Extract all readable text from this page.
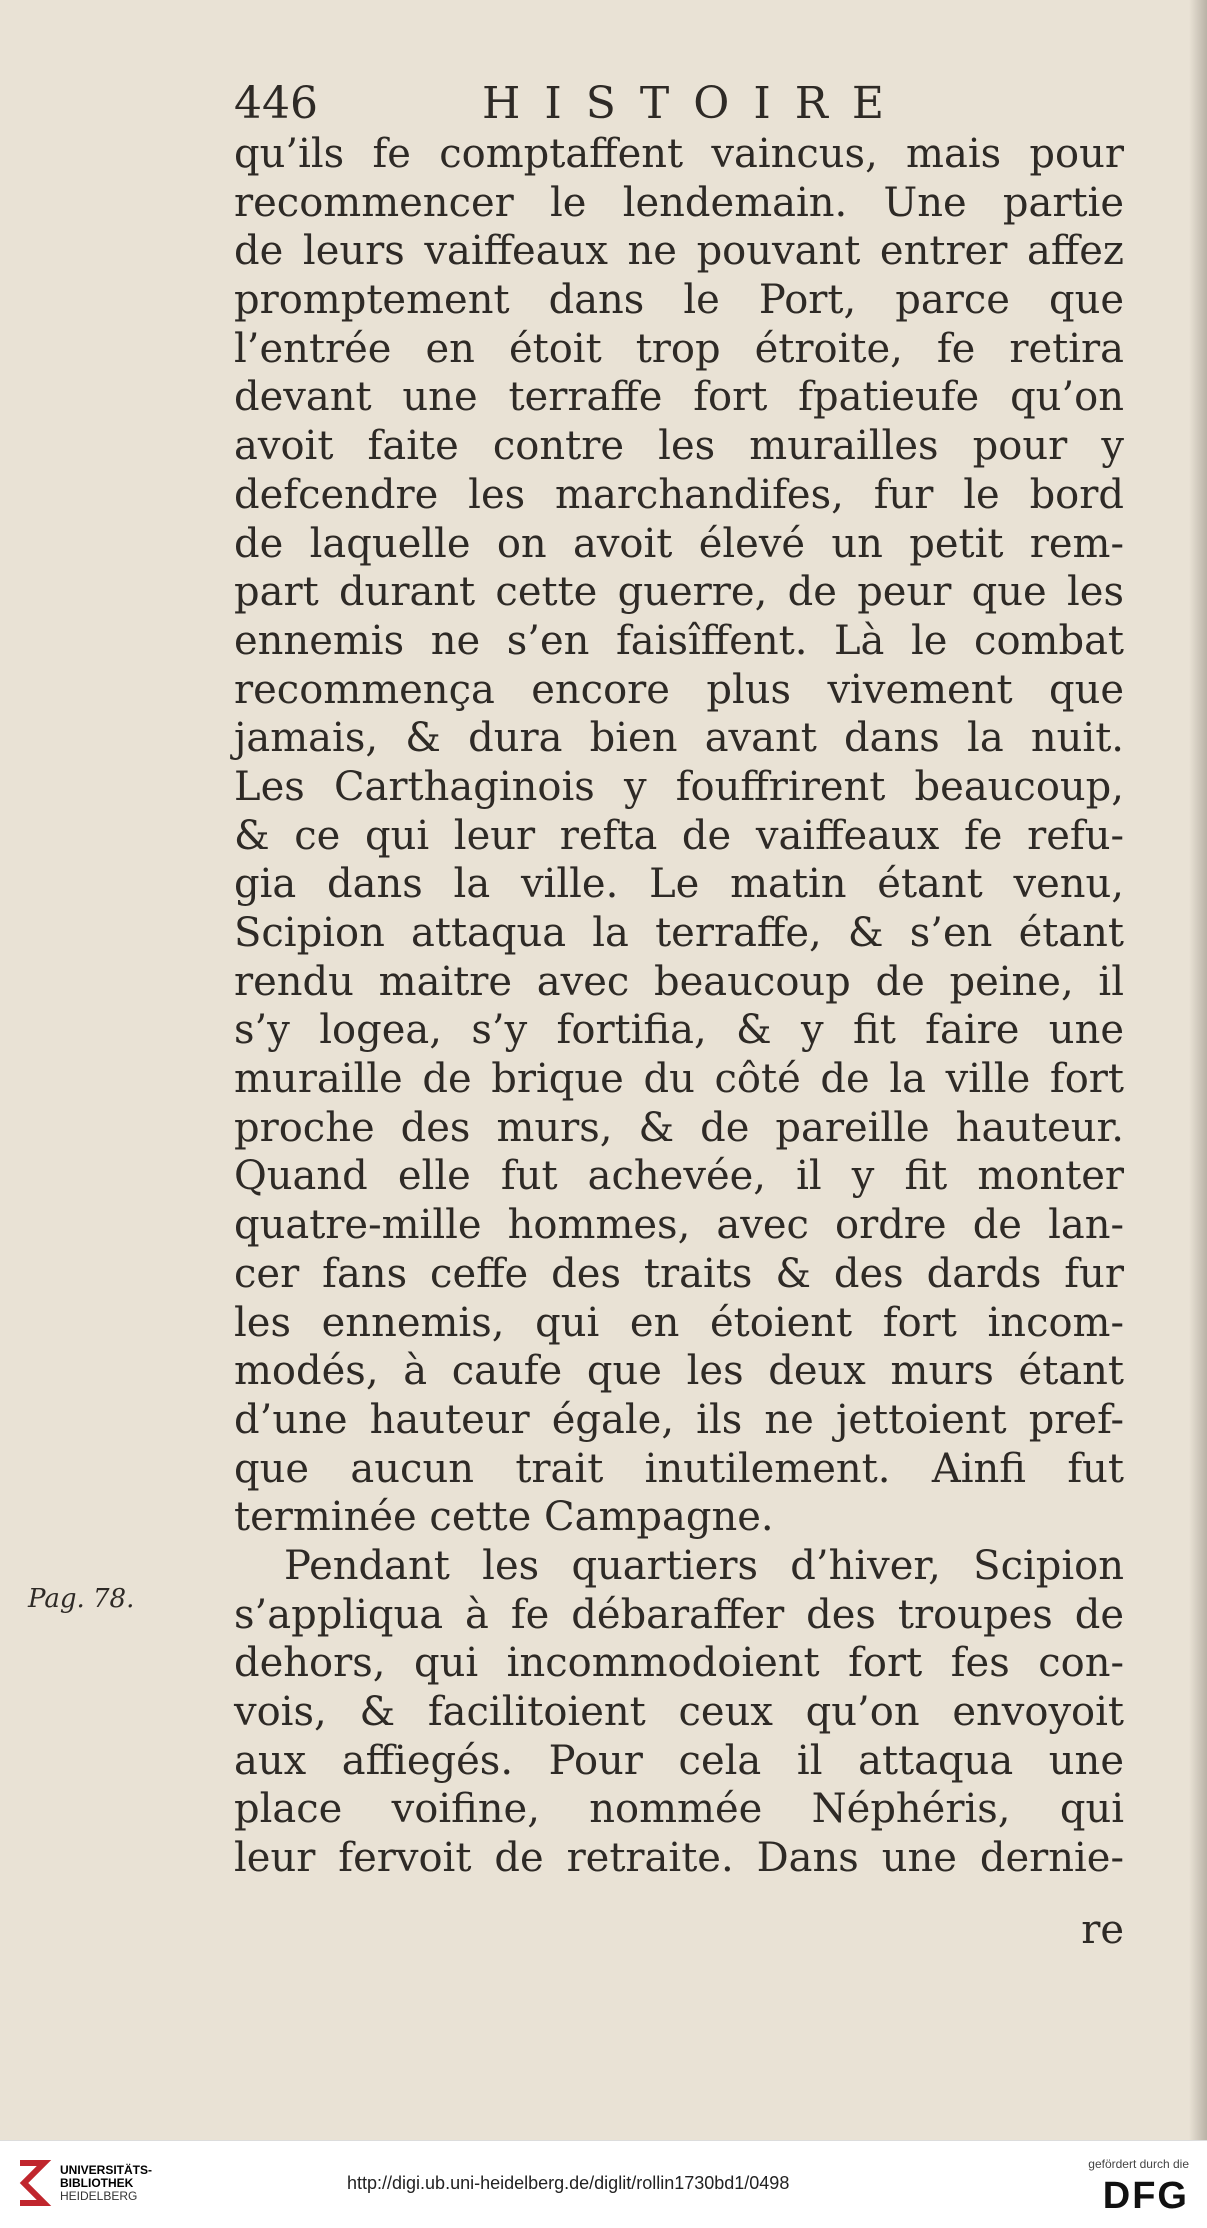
446	HISTOIRE
Pag. 78.
qu’ils fe comptaffent vaincus, mais pour
recommencer le lendemain. Une partie
de leurs vaiffeaux ne pouvant entrer affez
promptement dans le Port, parce que
l’entrée en étoit trop étroite, fe retira
devant une terraffe fort fpatieufe qu’on
avoit faite contre les murailles pour y
defcendre les marchandifes, fur le bord
de laquelle on avoit élevé un petit rem-
part durant cette guerre, de peur que les
ennemis ne s’en faisîffent. Là le combat
recommença encore plus vivement que
jamais, & dura bien avant dans la nuit.
Les Carthaginois y fouffrirent beaucoup,
& ce qui leur refta de vaiffeaux fe refu-
gia dans la ville. Le matin étant venu,
Scipion attaqua la terraffe, & s’en étant
rendu maitre avec beaucoup de peine, il
s’y logea, s’y fortifia, & y fit faire une
muraille de brique du côté de la ville fort
proche des murs, & de pareille hauteur.
Quand elle fut achevée, il y fit monter
quatre-mille hommes, avec ordre de lan-
cer fans ceffe des traits & des dards fur
les ennemis, qui en étoient fort incom-
modés, à caufe que les deux murs étant
d’une hauteur égale, ils ne jettoient pref-
que aucun trait inutilement. Ainfi fut
terminée cette Campagne.
Pendant les quartiers d’hiver, Scipion
s’appliqua à fe débaraffer des troupes de
dehors, qui incommodoient fort fes con-
vois, & facilitoient ceux qu’on envoyoit
aux affiegés. Pour cela il attaqua une
place voifine, nommée Néphéris, qui
leur fervoit de retraite. Dans une dernie-
re
UNIVERSITÄTS-
BIBLIOTHEK
HEIDELBERG
http://digi.ub.uni-heidelberg.de/diglit/rollin1730bd1/0498
gefördert durch die
DFG
